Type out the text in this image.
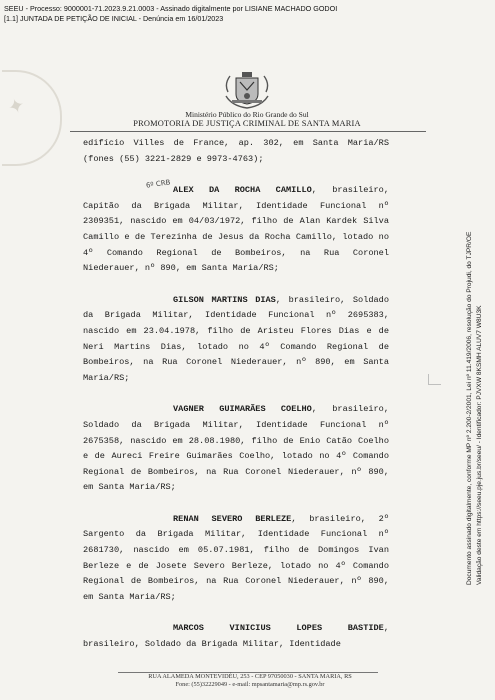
SEEU - Processo: 9000001-71.2023.9.21.0003 - Assinado digitalmente por LISIANE MACHADO GODOI
[1.1] JUNTADA DE PETIÇÃO DE INICIAL - Denúncia em 16/01/2023
✦
Documento assinado digitalmente, conforme MP nº 2.200-2/2001, Lei nº 11.419/2006, resolução do Projudi, do TJPR/OE Validação deste em https://seeu.pje.jus.br/seeu/ - Identificador: PJVXW 8KSMH ALUV7 W8U3K
Ministério Público do Rio Grande do Sul
PROMOTORIA DE JUSTIÇA CRIMINAL DE SANTA MARIA
6º CRB

edifício Villes de France, ap. 302, em Santa Maria/RS (fones (55) 3221-2829 e 9973-4763);

ALEX DA ROCHA CAMILLO, brasileiro, Capitão da Brigada Militar, Identidade Funcional nº 2309351, nascido em 04/03/1972, filho de Alan Kardek Silva Camillo e de Terezinha de Jesus da Rocha Camillo, lotado no 4º Comando Regional de Bombeiros, na Rua Coronel Niederauer, nº 890, em Santa Maria/RS;

GILSON MARTINS DIAS, brasileiro, Soldado da Brigada Militar, Identidade Funcional nº 2695383, nascido em 23.04.1978, filho de Aristeu Flores Dias e de Neri Martins Dias, lotado no 4º Comando Regional de Bombeiros, na Rua Coronel Niederauer, nº 890, em Santa Maria/RS;

VAGNER GUIMARÃES COELHO, brasileiro, Soldado da Brigada Militar, Identidade Funcional nº 2675358, nascido em 28.08.1980, filho de Enio Catão Coelho e de Aureci Freire Guimarães Coelho, lotado no 4º Comando Regional de Bombeiros, na Rua Coronel Niederauer, nº 890, em Santa Maria/RS;

RENAN SEVERO BERLEZE, brasileiro, 2º Sargento da Brigada Militar, Identidade Funcional nº 2681730, nascido em 05.07.1981, filho de Domingos Ivan Berleze e de Josete Severo Berleze, lotado no 4º Comando Regional de Bombeiros, na Rua Coronel Niederauer, nº 890, em Santa Maria/RS;

MARCOS VINICIUS LOPES BASTIDE, brasileiro, Soldado da Brigada Militar, Identidade

RUA ALAMEDA MONTEVIDÉU, 253 - CEP 97050030 - SANTA MARIA, RS
Fone: (55)32229049 - e-mail: mpsantamaria@mp.rs.gov.br
